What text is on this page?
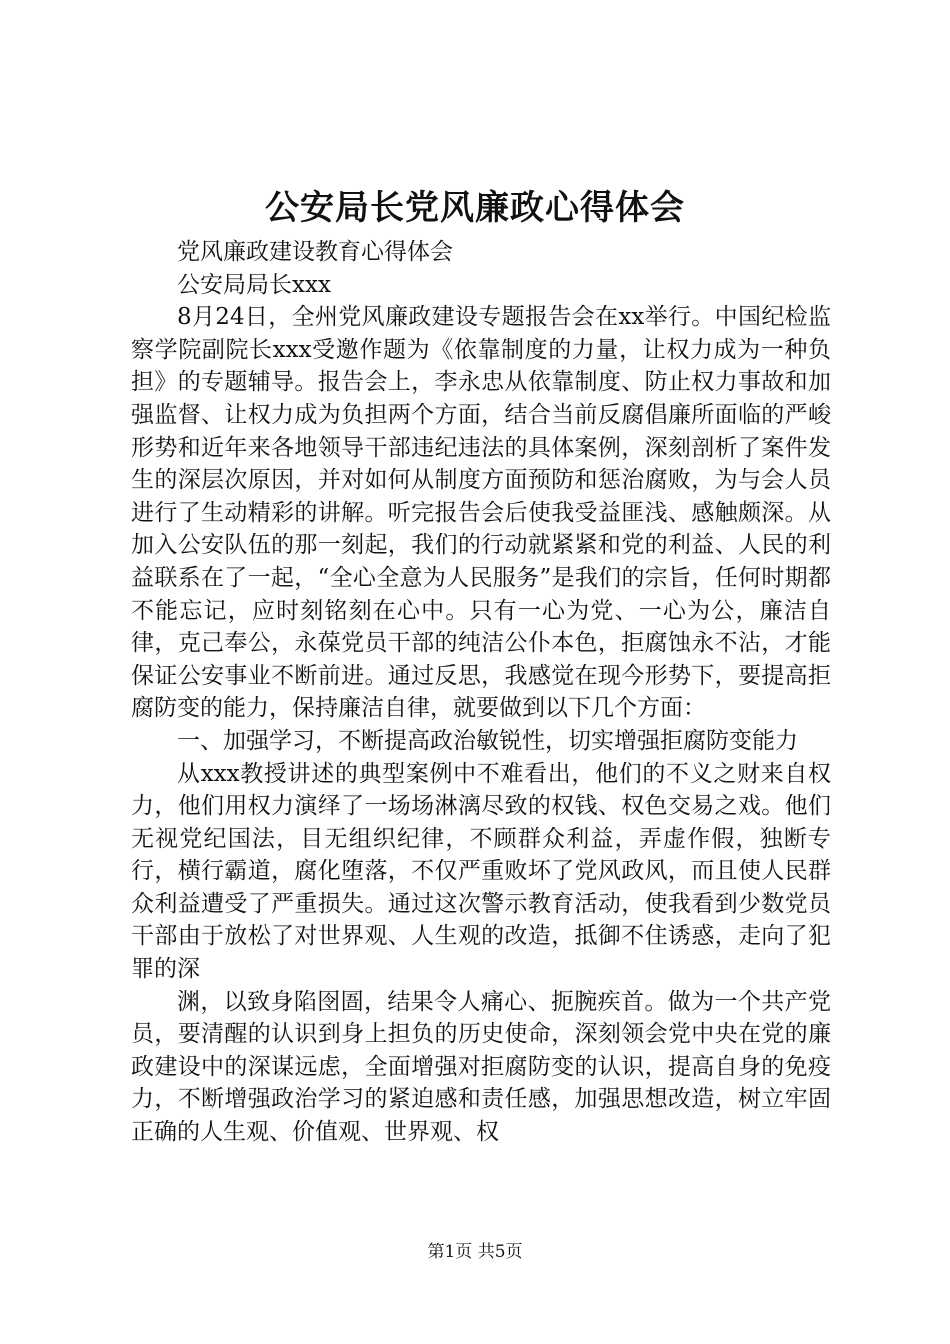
公安局长党风廉政心得体会

党风廉政建设教育心得体会

公安局局长xxx

8月24日，全州党风廉政建设专题报告会在xx举行。中国纪检监察学院副院长xxx受邀作题为《依靠制度的力量，让权力成为一种负担》的专题辅导。报告会上，李永忠从依靠制度、防止权力事故和加强监督、让权力成为负担两个方面，结合当前反腐倡廉所面临的严峻形势和近年来各地领导干部违纪违法的具体案例，深刻剖析了案件发生的深层次原因，并对如何从制度方面预防和惩治腐败，为与会人员进行了生动精彩的讲解。听完报告会后使我受益匪浅、感触颇深。从加入公安队伍的那一刻起，我们的行动就紧紧和党的利益、人民的利益联系在了一起，“全心全意为人民服务”是我们的宗旨，任何时期都不能忘记，应时刻铭刻在心中。只有一心为党、一心为公，廉洁自律，克己奉公，永葆党员干部的纯洁公仆本色，拒腐蚀永不沾，才能保证公安事业不断前进。通过反思，我感觉在现今形势下，要提高拒腐防变的能力，保持廉洁自律，就要做到以下几个方面：

一、加强学习，不断提高政治敏锐性，切实增强拒腐防变能力

从xxx教授讲述的典型案例中不难看出，他们的不义之财来自权力，他们用权力演绎了一场场淋漓尽致的权钱、权色交易之戏。他们无视党纪国法，目无组织纪律，不顾群众利益，弄虚作假，独断专行，横行霸道，腐化堕落，不仅严重败坏了党风政风，而且使人民群众利益遭受了严重损失。通过这次警示教育活动，使我看到少数党员干部由于放松了对世界观、人生观的改造，抵御不住诱惑，走向了犯罪的深

渊，以致身陷囹圄，结果令人痛心、扼腕疾首。做为一个共产党员，要清醒的认识到身上担负的历史使命，深刻领会党中央在党的廉政建设中的深谋远虑，全面增强对拒腐防变的认识，提高自身的免疫力，不断增强政治学习的紧迫感和责任感，加强思想改造，树立牢固正确的人生观、价值观、世界观、权

第1页 共5页
